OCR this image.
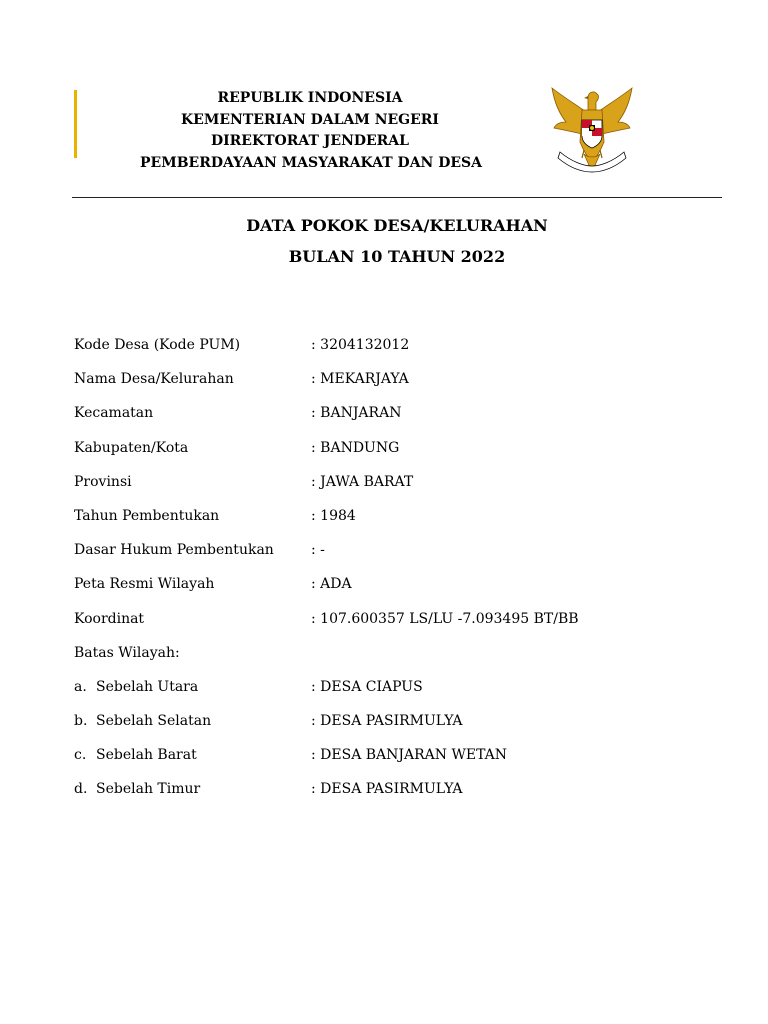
REPUBLIK INDONESIA
KEMENTERIAN DALAM NEGERI
DIREKTORAT JENDERAL
PEMBERDAYAAN MASYARAKAT DAN DESA
DATA POKOK DESA/KELURAHAN
BULAN 10 TAHUN 2022
Kode Desa (Kode PUM)	: 3204132012
Nama Desa/Kelurahan	: MEKARJAYA
Kecamatan	: BANJARAN
Kabupaten/Kota	: BANDUNG
Provinsi	: JAWA BARAT
Tahun Pembentukan	: 1984
Dasar Hukum Pembentukan	: -
Peta Resmi Wilayah	: ADA
Koordinat	: 107.600357 LS/LU -7.093495 BT/BB
Batas Wilayah:
a. Sebelah Utara	: DESA CIAPUS
b. Sebelah Selatan	: DESA PASIRMULYA
c. Sebelah Barat	: DESA BANJARAN WETAN
d. Sebelah Timur	: DESA PASIRMULYA
